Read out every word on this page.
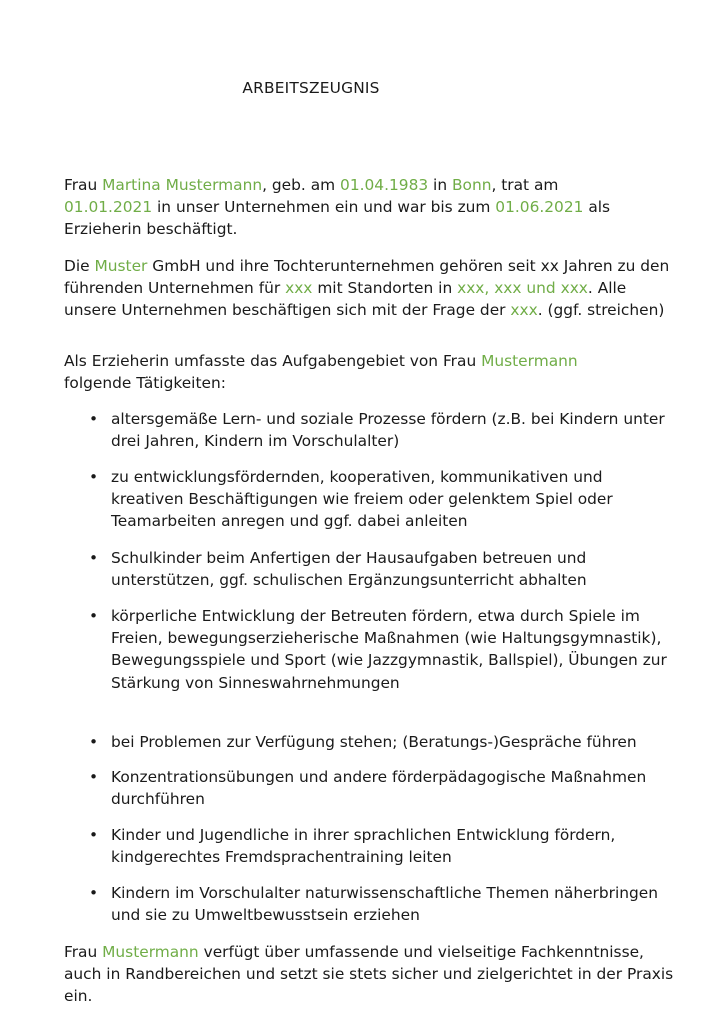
ARBEITSZEUGNIS

Frau Martina Mustermann, geb. am 01.04.1983 in Bonn, trat am
01.01.2021 in unser Unternehmen ein und war bis zum 01.06.2021 als Erzieherin beschäftigt.

Die Muster GmbH und ihre Tochterunternehmen gehören seit xx Jahren zu den führenden Unternehmen für xxx mit Standorten in xxx, xxx und xxx. Alle unsere Unternehmen beschäftigen sich mit der Frage der xxx. (ggf. streichen)

Als Erzieherin umfasste das Aufgabengebiet von Frau Mustermann
folgende Tätigkeiten:

• altersgemäße Lern- und soziale Prozesse fördern (z.B. bei Kindern unter drei Jahren, Kindern im Vorschulalter)
• zu entwicklungsfördernden, kooperativen, kommunikativen und kreativen Beschäftigungen wie freiem oder gelenktem Spiel oder Teamarbeiten anregen und ggf. dabei anleiten
• Schulkinder beim Anfertigen der Hausaufgaben betreuen und unterstützen, ggf. schulischen Ergänzungsunterricht abhalten
• körperliche Entwicklung der Betreuten fördern, etwa durch Spiele im Freien, bewegungserzieherische Maßnahmen (wie Haltungsgymnastik), Bewegungsspiele und Sport (wie Jazzgymnastik, Ballspiel), Übungen zur Stärkung von Sinneswahrnehmungen
• bei Problemen zur Verfügung stehen; (Beratungs-)Gespräche führen
• Konzentrationsübungen und andere förderpädagogische Maßnahmen durchführen
• Kinder und Jugendliche in ihrer sprachlichen Entwicklung fördern, kindgerechtes Fremdsprachentraining leiten
• Kindern im Vorschulalter naturwissenschaftliche Themen näherbringen und sie zu Umweltbewusstsein erziehen

Frau Mustermann verfügt über umfassende und vielseitige Fachkenntnisse, auch in Randbereichen und setzt sie stets sicher und zielgerichtet in der Praxis ein.
